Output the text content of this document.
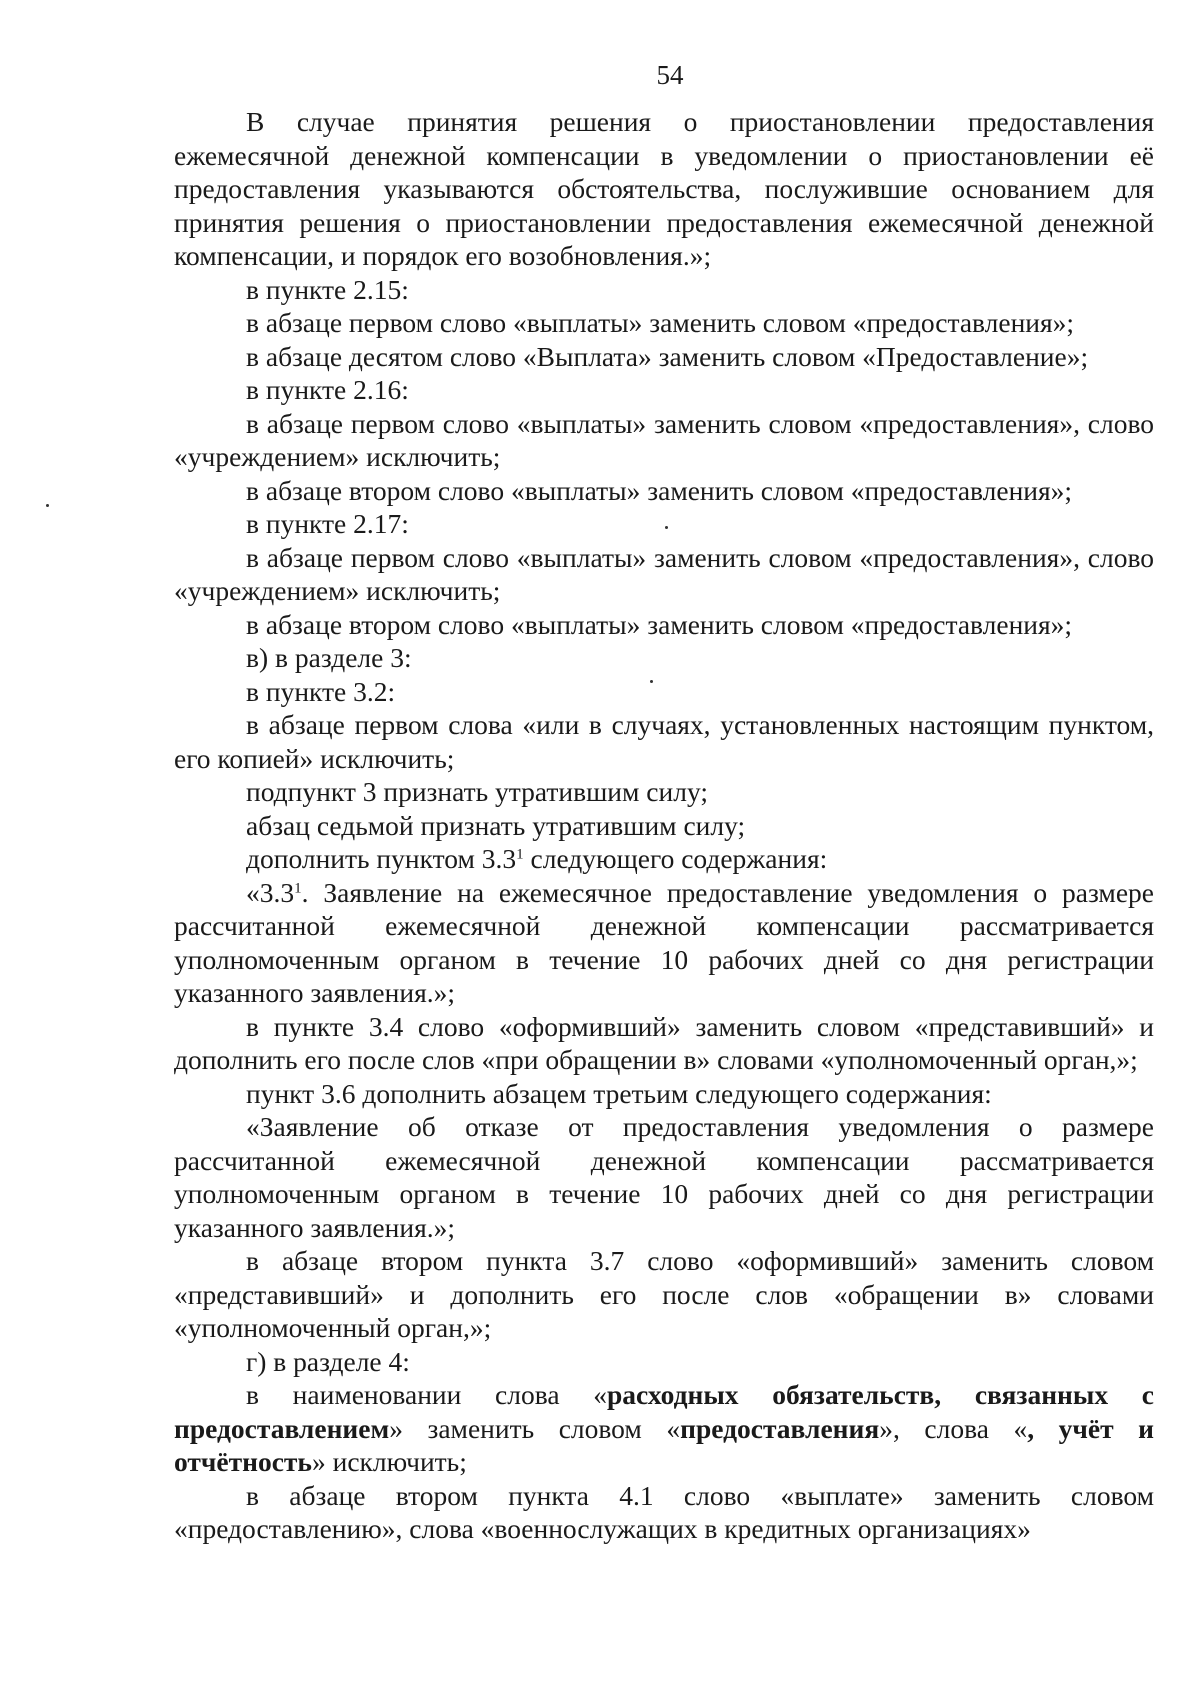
54

В случае принятия решения о приостановлении предоставления ежемесячной денежной компенсации в уведомлении о приостановлении её предоставления указываются обстоятельства, послужившие основанием для принятия решения о приостановлении предоставления ежемесячной денежной компенсации, и порядок его возобновления.»;

в пункте 2.15:

в абзаце первом слово «выплаты» заменить словом «предоставления»;

в абзаце десятом слово «Выплата» заменить словом «Предоставление»;

в пункте 2.16:

в абзаце первом слово «выплаты» заменить словом «предоставления», слово «учреждением» исключить;

в абзаце втором слово «выплаты» заменить словом «предоставления»;

в пункте 2.17:

в абзаце первом слово «выплаты» заменить словом «предоставления», слово «учреждением» исключить;

в абзаце втором слово «выплаты» заменить словом «предоставления»;

в) в разделе 3:

в пункте 3.2:

в абзаце первом слова «или в случаях, установленных настоящим пунктом, его копией» исключить;

подпункт 3 признать утратившим силу;

абзац седьмой признать утратившим силу;

дополнить пунктом $3.3^1$ следующего содержания:

«$3.3^1$. Заявление на ежемесячное предоставление уведомления о размере рассчитанной ежемесячной денежной компенсации рассматривается уполномоченным органом в течение 10 рабочих дней со дня регистрации указанного заявления.»;

в пункте 3.4 слово «оформивший» заменить словом «представивший» и дополнить его после слов «при обращении в» словами «уполномоченный орган,»;

пункт 3.6 дополнить абзацем третьим следующего содержания:

«Заявление об отказе от предоставления уведомления о размере рассчитанной ежемесячной денежной компенсации рассматривается уполномоченным органом в течение 10 рабочих дней со дня регистрации указанного заявления.»;

в абзаце втором пункта 3.7 слово «оформивший» заменить словом «представивший» и дополнить его после слов «обращении в» словами «уполномоченный орган,»;

г) в разделе 4:

в наименовании слова «расходных обязательств, связанных с предоставлением» заменить словом «предоставления», слова «, учёт и отчётность» исключить;

в абзаце втором пункта 4.1 слово «выплате» заменить словом «предоставлению», слова «военнослужащих в кредитных организациях»
